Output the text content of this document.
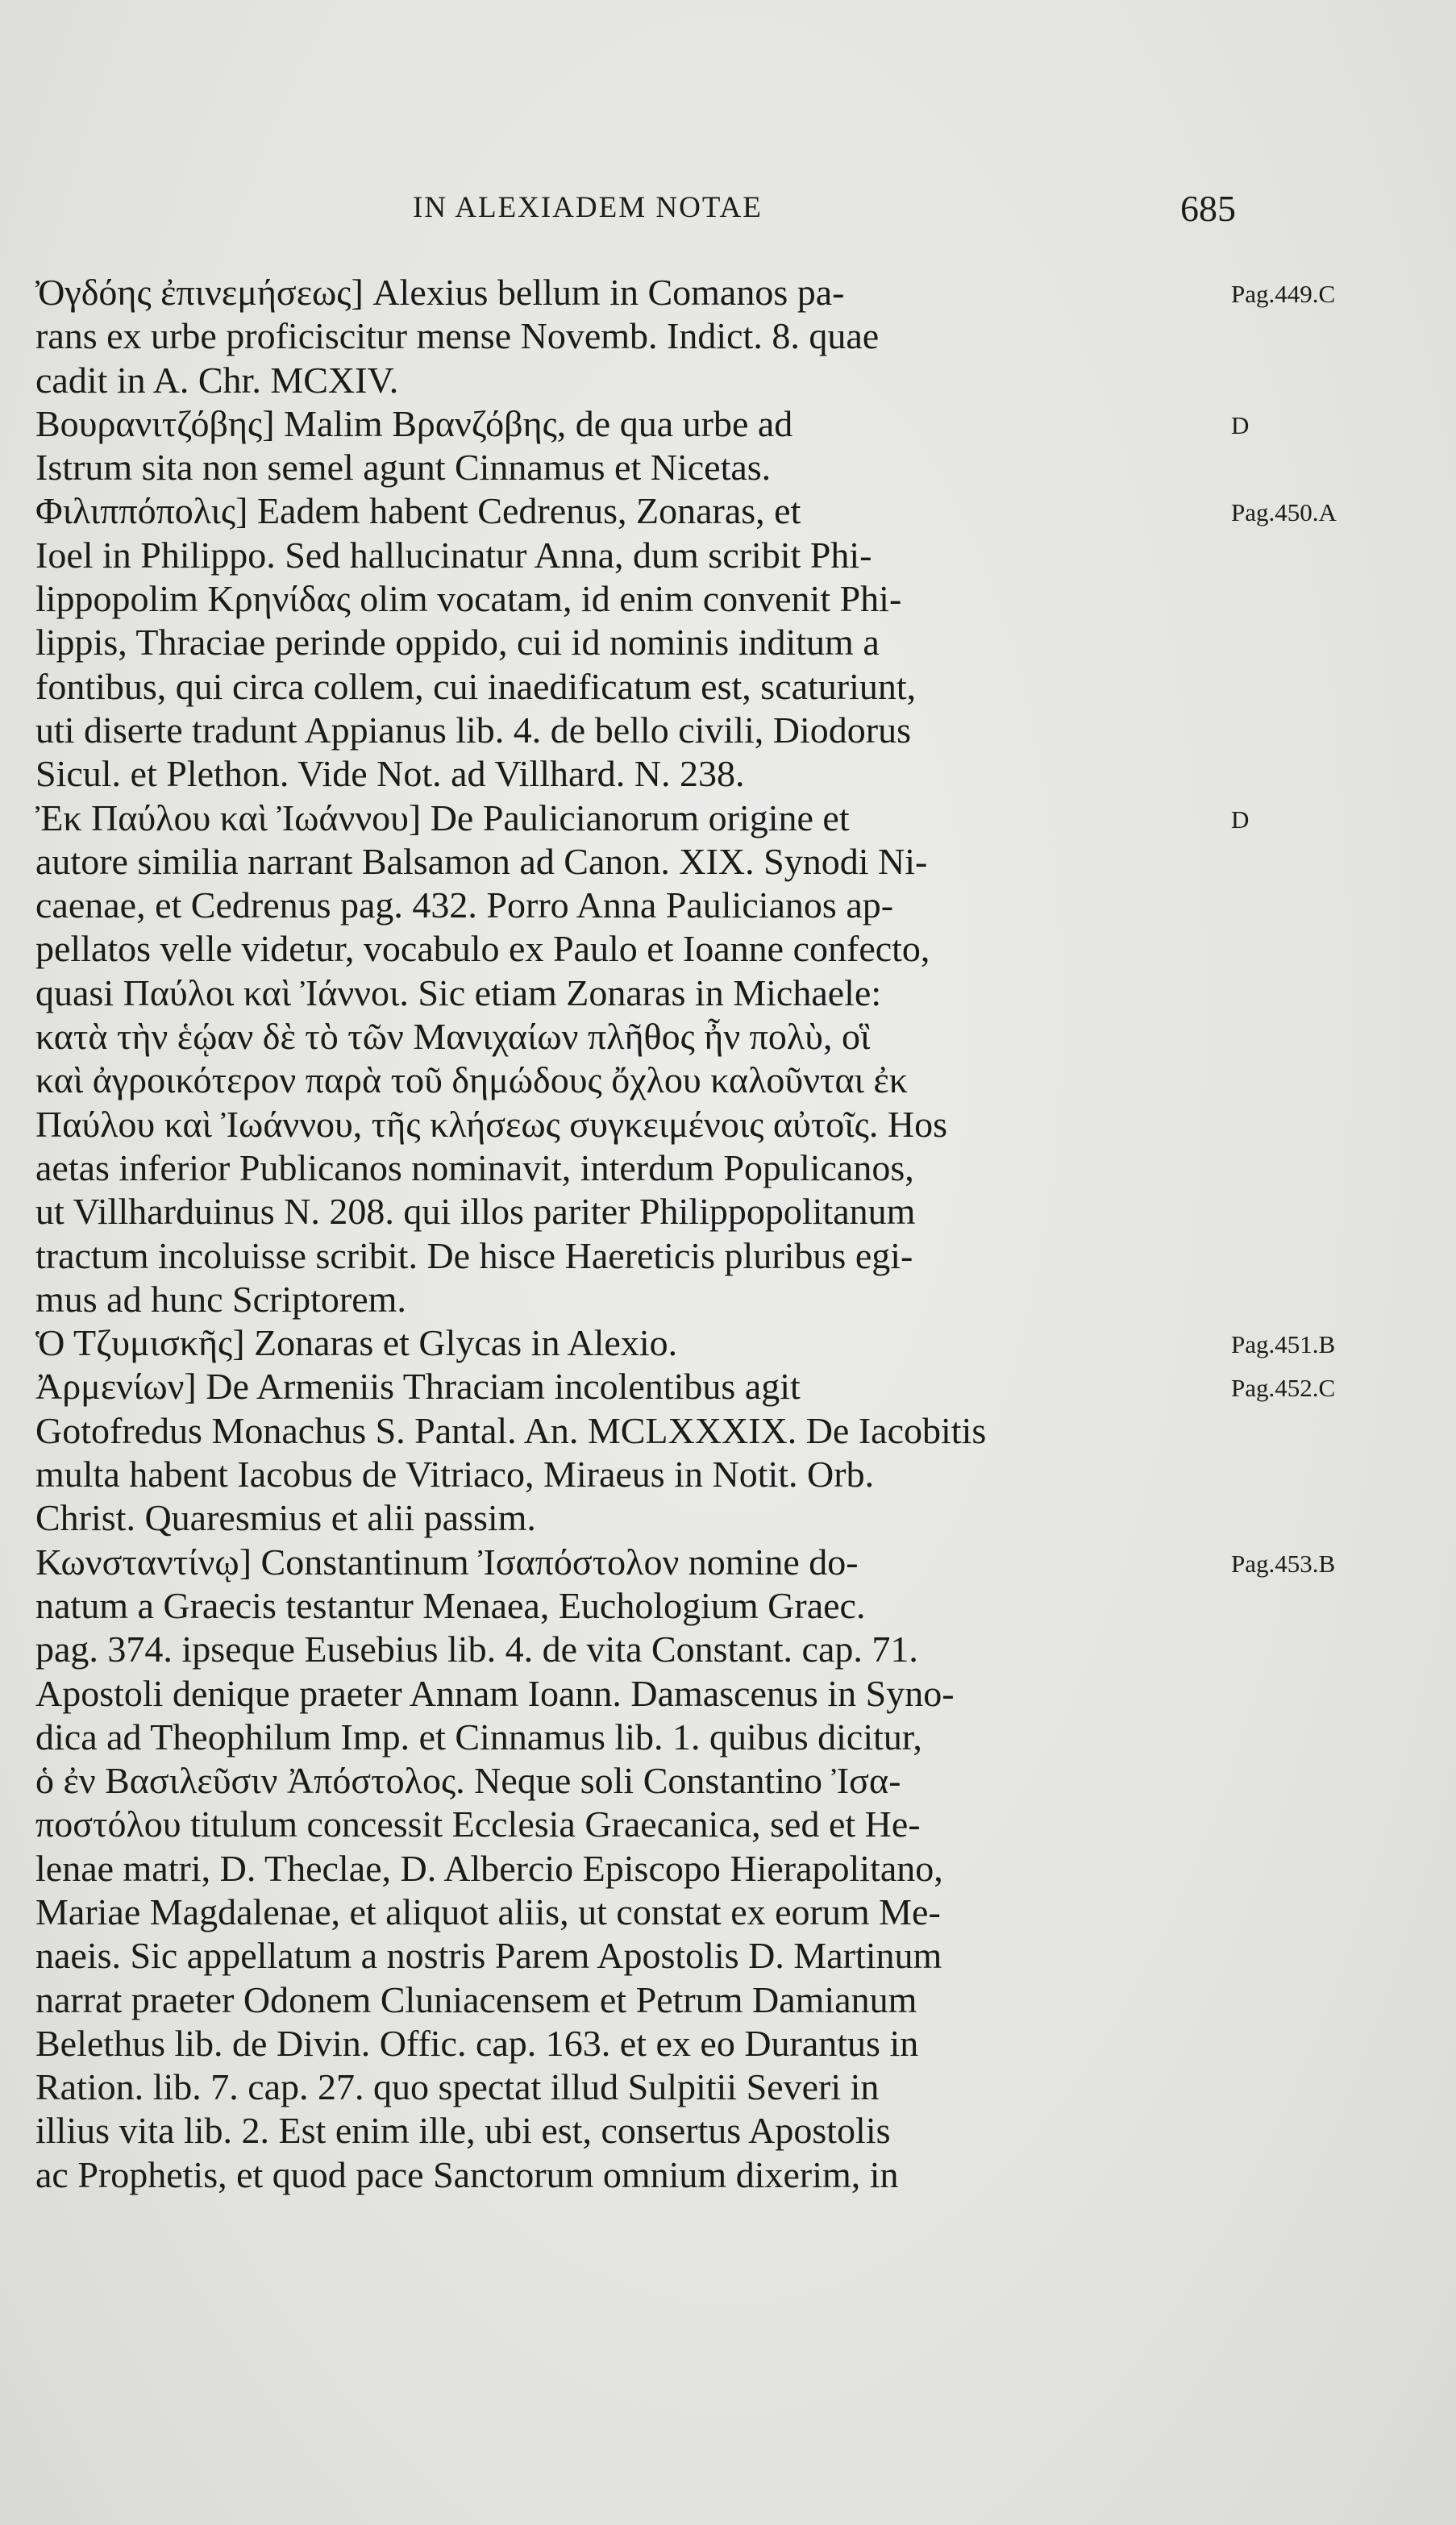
IN ALEXIADEM NOTAE	685
Ὀγδόης ἐπινεμήσεως] Alexius bellum in Comanos pa-	Pag.449.C
rans ex urbe proficiscitur mense Novemb. Indict. 8. quae
cadit in A. Chr. MCXIV.
Βουρανιτζόβης] Malim Βρανζόβης, de qua urbe ad	D
Istrum sita non semel agunt Cinnamus et Nicetas.
Φιλιππόπολις] Eadem habent Cedrenus, Zonaras, et	Pag.450.A
Ioel in Philippo. Sed hallucinatur Anna, dum scribit Phi-
lippopolim Κρηνίδας olim vocatam, id enim convenit Phi-
lippis, Thraciae perinde oppido, cui id nominis inditum a
fontibus, qui circa collem, cui inaedificatum est, scaturiunt,
uti diserte tradunt Appianus lib. 4. de bello civili, Diodorus
Sicul. et Plethon. Vide Not. ad Villhard. N. 238.
Ἐκ Παύλου καὶ Ἰωάννου] De Paulicianorum origine et	D
autore similia narrant Balsamon ad Canon. XIX. Synodi Ni-
caenae, et Cedrenus pag. 432. Porro Anna Paulicianos ap-
pellatos velle videtur, vocabulo ex Paulo et Ioanne confecto,
quasi Παύλοι καὶ Ἰάννοι. Sic etiam Zonaras in Michaele:
κατὰ τὴν ἑῴαν δὲ τὸ τῶν Μανιχαίων πλῆθος ἦν πολὺ, οἳ
καὶ ἀγροικότερον παρὰ τοῦ δημώδους ὄχλου καλοῦνται ἐκ
Παύλου καὶ Ἰωάννου, τῆς κλήσεως συγκειμένοις αὐτοῖς. Hos
aetas inferior Publicanos nominavit, interdum Populicanos,
ut Villharduinus N. 208. qui illos pariter Philippopolitanum
tractum incoluisse scribit. De hisce Haereticis pluribus egi-
mus ad hunc Scriptorem.
Ὁ Τζυμισκῆς] Zonaras et Glycas in Alexio.	Pag.451.B
Ἀρμενίων] De Armeniis Thraciam incolentibus agit	Pag.452.C
Gotofredus Monachus S. Pantal. An. MCLXXXIX. De Iacobitis
multa habent Iacobus de Vitriaco, Miraeus in Notit. Orb.
Christ. Quaresmius et alii passim.
Κωνσταντίνῳ] Constantinum Ἰσαπόστολον nomine do-	Pag.453.B
natum a Graecis testantur Menaea, Euchologium Graec.
pag. 374. ipseque Eusebius lib. 4. de vita Constant. cap. 71.
Apostoli denique praeter Annam Ioann. Damascenus in Syno-
dica ad Theophilum Imp. et Cinnamus lib. 1. quibus dicitur,
ὁ ἐν Βασιλεῦσιν Ἀπόστολος. Neque soli Constantino Ἰσα-
ποστόλου titulum concessit Ecclesia Graecanica, sed et He-
lenae matri, D. Theclae, D. Albercio Episcopo Hierapolitano,
Mariae Magdalenae, et aliquot aliis, ut constat ex eorum Me-
naeis. Sic appellatum a nostris Parem Apostolis D. Martinum
narrat praeter Odonem Cluniacensem et Petrum Damianum
Belethus lib. de Divin. Offic. cap. 163. et ex eo Durantus in
Ration. lib. 7. cap. 27. quo spectat illud Sulpitii Severi in
illius vita lib. 2. Est enim ille, ubi est, consertus Apostolis
ac Prophetis, et quod pace Sanctorum omnium dixerim, in
